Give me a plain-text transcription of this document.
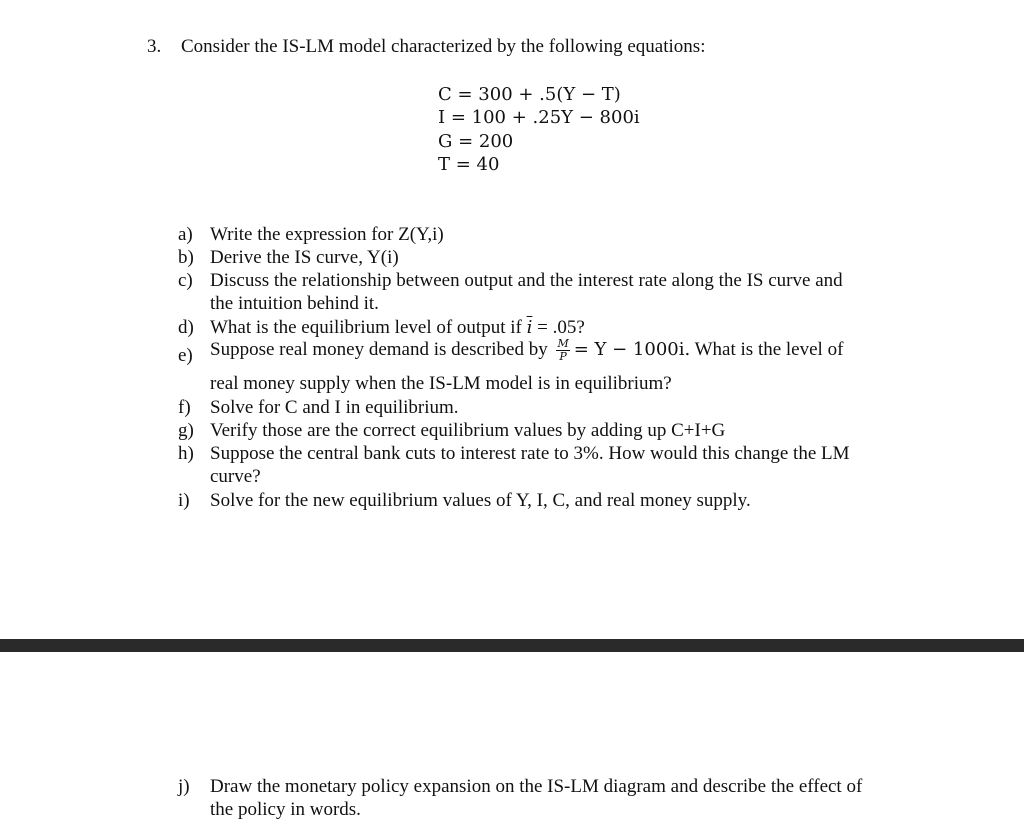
3. Consider the IS-LM model characterized by the following equations:
C = 300 + .5(Y − T)
I = 100 + .25Y − 800i
G = 200
T = 40
a) Write the expression for Z(Y,i)
b) Derive the IS curve, Y(i)
c) Discuss the relationship between output and the interest rate along the IS curve and
the intuition behind it.
d) What is the equilibrium level of output if $\overline{i} = .05$?
e) Suppose real money demand is described by $\frac{M}{P} = Y - 1000i$. What is the level of
real money supply when the IS-LM model is in equilibrium?
f) Solve for C and I in equilibrium.
g) Verify those are the correct equilibrium values by adding up C+I+G
h) Suppose the central bank cuts to interest rate to 3%. How would this change the LM
curve?
i) Solve for the new equilibrium values of Y, I, C, and real money supply.
j) Draw the monetary policy expansion on the IS-LM diagram and describe the effect of
the policy in words.
